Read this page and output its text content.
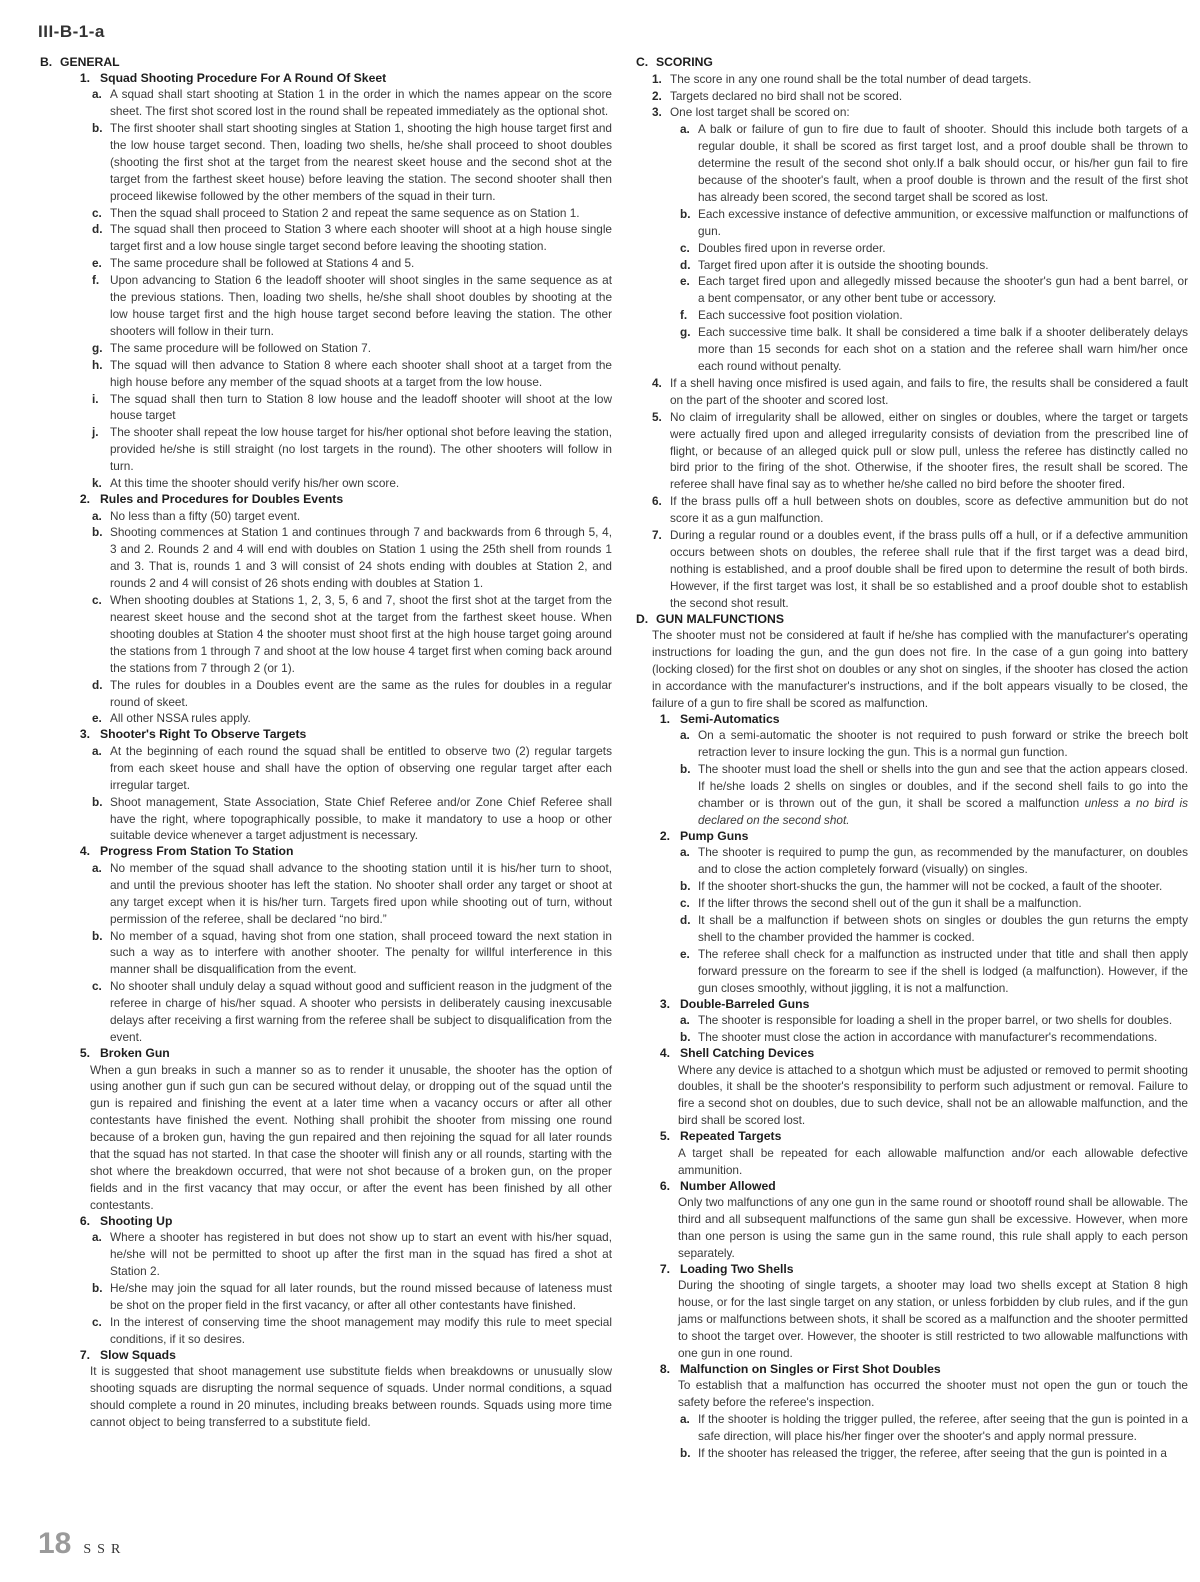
III-B-1-a
B. GENERAL
1. Squad Shooting Procedure For A Round Of Skeet
a. A squad shall start shooting at Station 1 in the order in which the names appear on the score sheet. The first shot scored lost in the round shall be repeated immediately as the optional shot.
b. The first shooter shall start shooting singles at Station 1, shooting the high house target first and the low house target second. Then, loading two shells, he/she shall proceed to shoot doubles (shooting the first shot at the target from the nearest skeet house and the second shot at the target from the farthest skeet house) before leaving the station. The second shooter shall then proceed likewise followed by the other members of the squad in their turn.
c. Then the squad shall proceed to Station 2 and repeat the same sequence as on Station 1.
d. The squad shall then proceed to Station 3 where each shooter will shoot at a high house single target first and a low house single target second before leaving the shooting station.
e. The same procedure shall be followed at Stations 4 and 5.
f. Upon advancing to Station 6 the leadoff shooter will shoot singles in the same sequence as at the previous stations. Then, loading two shells, he/she shall shoot doubles by shooting at the low house target first and the high house target second before leaving the station. The other shooters will follow in their turn.
g. The same procedure will be followed on Station 7.
h. The squad will then advance to Station 8 where each shooter shall shoot at a target from the high house before any member of the squad shoots at a target from the low house.
i. The squad shall then turn to Station 8 low house and the leadoff shooter will shoot at the low house target
j. The shooter shall repeat the low house target for his/her optional shot before leaving the station, provided he/she is still straight (no lost targets in the round). The other shooters will follow in turn.
k. At this time the shooter should verify his/her own score.
2. Rules and Procedures for Doubles Events
a. No less than a fifty (50) target event.
b. Shooting commences at Station 1 and continues through 7 and backwards from 6 through 5, 4, 3 and 2. Rounds 2 and 4 will end with doubles on Station 1 using the 25th shell from rounds 1 and 3. That is, rounds 1 and 3 will consist of 24 shots ending with doubles at Station 2, and rounds 2 and 4 will consist of 26 shots ending with doubles at Station 1.
c. When shooting doubles at Stations 1, 2, 3, 5, 6 and 7, shoot the first shot at the target from the nearest skeet house and the second shot at the target from the farthest skeet house. When shooting doubles at Station 4 the shooter must shoot first at the high house target going around the stations from 1 through 7 and shoot at the low house 4 target first when coming back around the stations from 7 through 2 (or 1).
d. The rules for doubles in a Doubles event are the same as the rules for doubles in a regular round of skeet.
e. All other NSSA rules apply.
3. Shooter's Right To Observe Targets
a. At the beginning of each round the squad shall be entitled to observe two (2) regular targets from each skeet house and shall have the option of observing one regular target after each irregular target.
b. Shoot management, State Association, State Chief Referee and/or Zone Chief Referee shall have the right, where topographically possible, to make it mandatory to use a hoop or other suitable device whenever a target adjustment is necessary.
4. Progress From Station To Station
a. No member of the squad shall advance to the shooting station until it is his/her turn to shoot, and until the previous shooter has left the station. No shooter shall order any target or shoot at any target except when it is his/her turn. Targets fired upon while shooting out of turn, without permission of the referee, shall be declared “no bird.”
b. No member of a squad, having shot from one station, shall proceed toward the next station in such a way as to interfere with another shooter. The penalty for willful interference in this manner shall be disqualification from the event.
c. No shooter shall unduly delay a squad without good and sufficient reason in the judgment of the referee in charge of his/her squad. A shooter who persists in deliberately causing inexcusable delays after receiving a first warning from the referee shall be subject to disqualification from the event.
5. Broken Gun
When a gun breaks in such a manner so as to render it unusable, the shooter has the option of using another gun if such gun can be secured without delay, or dropping out of the squad until the gun is repaired and finishing the event at a later time when a vacancy occurs or after all other contestants have finished the event. Nothing shall prohibit the shooter from missing one round because of a broken gun, having the gun repaired and then rejoining the squad for all later rounds that the squad has not started. In that case the shooter will finish any or all rounds, starting with the shot where the breakdown occurred, that were not shot because of a broken gun, on the proper fields and in the first vacancy that may occur, or after the event has been finished by all other contestants.
6. Shooting Up
a. Where a shooter has registered in but does not show up to start an event with his/her squad, he/she will not be permitted to shoot up after the first man in the squad has fired a shot at Station 2.
b. He/she may join the squad for all later rounds, but the round missed because of lateness must be shot on the proper field in the first vacancy, or after all other contestants have finished.
c. In the interest of conserving time the shoot management may modify this rule to meet special conditions, if it so desires.
7. Slow Squads
It is suggested that shoot management use substitute fields when breakdowns or unusually slow shooting squads are disrupting the normal sequence of squads. Under normal conditions, a squad should complete a round in 20 minutes, including breaks between rounds. Squads using more time cannot object to being transferred to a substitute field.
C. SCORING
1. The score in any one round shall be the total number of dead targets.
2. Targets declared no bird shall not be scored.
3. One lost target shall be scored on:
a. A balk or failure of gun to fire due to fault of shooter. Should this include both targets of a regular double, it shall be scored as first target lost, and a proof double shall be thrown to determine the result of the second shot only.If a balk should occur, or his/her gun fail to fire because of the shooter's fault, when a proof double is thrown and the result of the first shot has already been scored, the second target shall be scored as lost.
b. Each excessive instance of defective ammunition, or excessive malfunction or malfunctions of gun.
c. Doubles fired upon in reverse order.
d. Target fired upon after it is outside the shooting bounds.
e. Each target fired upon and allegedly missed because the shooter's gun had a bent barrel, or a bent compensator, or any other bent tube or accessory.
f. Each successive foot position violation.
g. Each successive time balk. It shall be considered a time balk if a shooter deliberately delays more than 15 seconds for each shot on a station and the referee shall warn him/her once each round without penalty.
4. If a shell having once misfired is used again, and fails to fire, the results shall be considered a fault on the part of the shooter and scored lost.
5. No claim of irregularity shall be allowed, either on singles or doubles, where the target or targets were actually fired upon and alleged irregularity consists of deviation from the prescribed line of flight, or because of an alleged quick pull or slow pull, unless the referee has distinctly called no bird prior to the firing of the shot. Otherwise, if the shooter fires, the result shall be scored. The referee shall have final say as to whether he/she called no bird before the shooter fired.
6. If the brass pulls off a hull between shots on doubles, score as defective ammunition but do not score it as a gun malfunction.
7. During a regular round or a doubles event, if the brass pulls off a hull, or if a defective ammunition occurs between shots on doubles, the referee shall rule that if the first target was a dead bird, nothing is established, and a proof double shall be fired upon to determine the result of both birds. However, if the first target was lost, it shall be so established and a proof double shot to establish the second shot result.
D. GUN MALFUNCTIONS
The shooter must not be considered at fault if he/she has complied with the manufacturer's operating instructions for loading the gun, and the gun does not fire. In the case of a gun going into battery (locking closed) for the first shot on doubles or any shot on singles, if the shooter has closed the action in accordance with the manufacturer's instructions, and if the bolt appears visually to be closed, the failure of a gun to fire shall be scored as malfunction.
1. Semi-Automatics
a. On a semi-automatic the shooter is not required to push forward or strike the breech bolt retraction lever to insure locking the gun. This is a normal gun function.
b. The shooter must load the shell or shells into the gun and see that the action appears closed. If he/she loads 2 shells on singles or doubles, and if the second shell fails to go into the chamber or is thrown out of the gun, it shall be scored a malfunction unless a no bird is declared on the second shot.
2. Pump Guns
a. The shooter is required to pump the gun, as recommended by the manufacturer, on doubles and to close the action completely forward (visually) on singles.
b. If the shooter short-shucks the gun, the hammer will not be cocked, a fault of the shooter.
c. If the lifter throws the second shell out of the gun it shall be a malfunction.
d. It shall be a malfunction if between shots on singles or doubles the gun returns the empty shell to the chamber provided the hammer is cocked.
e. The referee shall check for a malfunction as instructed under that title and shall then apply forward pressure on the forearm to see if the shell is lodged (a malfunction). However, if the gun closes smoothly, without jiggling, it is not a malfunction.
3. Double-Barreled Guns
a. The shooter is responsible for loading a shell in the proper barrel, or two shells for doubles.
b. The shooter must close the action in accordance with manufacturer's recommendations.
4. Shell Catching Devices
Where any device is attached to a shotgun which must be adjusted or removed to permit shooting doubles, it shall be the shooter's responsibility to perform such adjustment or removal. Failure to fire a second shot on doubles, due to such device, shall not be an allowable malfunction, and the bird shall be scored lost.
5. Repeated Targets
A target shall be repeated for each allowable malfunction and/or each allowable defective ammunition.
6. Number Allowed
Only two malfunctions of any one gun in the same round or shootoff round shall be allowable. The third and all subsequent malfunctions of the same gun shall be excessive. However, when more than one person is using the same gun in the same round, this rule shall apply to each person separately.
7. Loading Two Shells
During the shooting of single targets, a shooter may load two shells except at Station 8 high house, or for the last single target on any station, or unless forbidden by club rules, and if the gun jams or malfunctions between shots, it shall be scored as a malfunction and the shooter permitted to shoot the target over. However, the shooter is still restricted to two allowable malfunctions with one gun in one round.
8. Malfunction on Singles or First Shot Doubles
To establish that a malfunction has occurred the shooter must not open the gun or touch the safety before the referee's inspection.
a. If the shooter is holding the trigger pulled, the referee, after seeing that the gun is pointed in a safe direction, will place his/her finger over the shooter's and apply normal pressure.
b. If the shooter has released the trigger, the referee, after seeing that the gun is pointed in a
18 SSR
